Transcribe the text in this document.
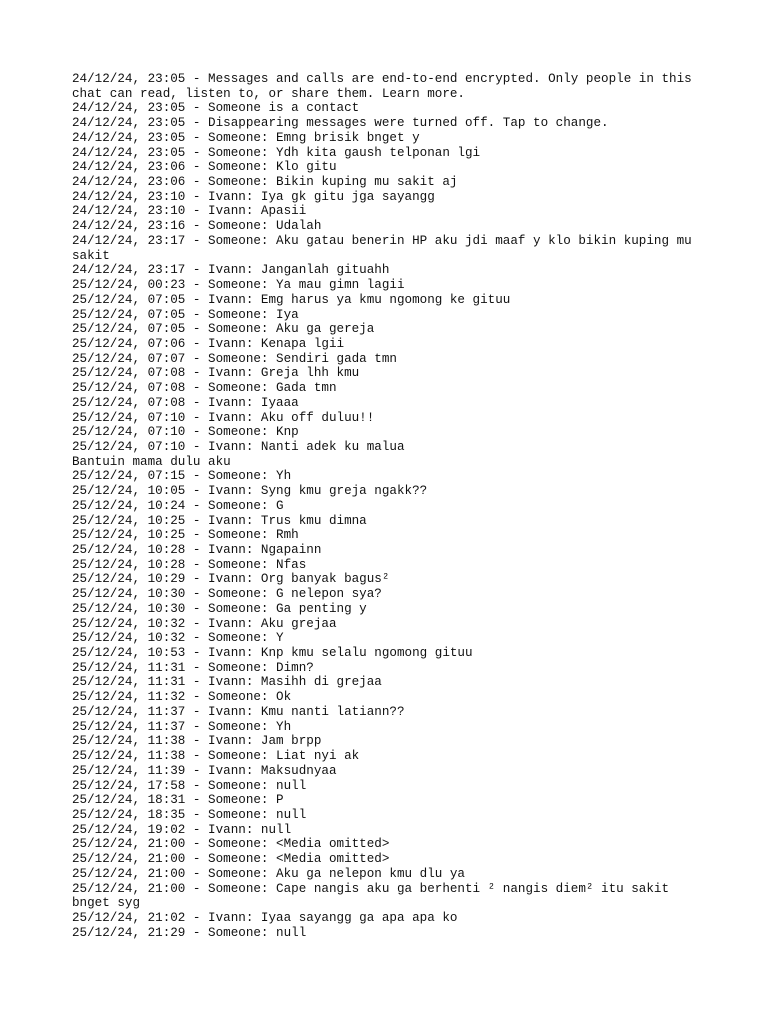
24/12/24, 23:05 - Messages and calls are end-to-end encrypted. Only people in this
chat can read, listen to, or share them. Learn more.
24/12/24, 23:05 - Someone is a contact
24/12/24, 23:05 - Disappearing messages were turned off. Tap to change.
24/12/24, 23:05 - Someone: Emng brisik bnget y
24/12/24, 23:05 - Someone: Ydh kita gaush telponan lgi
24/12/24, 23:06 - Someone: Klo gitu
24/12/24, 23:06 - Someone: Bikin kuping mu sakit aj
24/12/24, 23:10 - Ivann: Iya gk gitu jga sayangg
24/12/24, 23:10 - Ivann: Apasii
24/12/24, 23:16 - Someone: Udalah
24/12/24, 23:17 - Someone: Aku gatau benerin HP aku jdi maaf y klo bikin kuping mu
sakit
24/12/24, 23:17 - Ivann: Janganlah gituahh
25/12/24, 00:23 - Someone: Ya mau gimn lagii
25/12/24, 07:05 - Ivann: Emg harus ya kmu ngomong ke gituu
25/12/24, 07:05 - Someone: Iya
25/12/24, 07:05 - Someone: Aku ga gereja
25/12/24, 07:06 - Ivann: Kenapa lgii
25/12/24, 07:07 - Someone: Sendiri gada tmn
25/12/24, 07:08 - Ivann: Greja lhh kmu
25/12/24, 07:08 - Someone: Gada tmn
25/12/24, 07:08 - Ivann: Iyaaa
25/12/24, 07:10 - Ivann: Aku off duluu!!
25/12/24, 07:10 - Someone: Knp
25/12/24, 07:10 - Ivann: Nanti adek ku malua
Bantuin mama dulu aku
25/12/24, 07:15 - Someone: Yh
25/12/24, 10:05 - Ivann: Syng kmu greja ngakk??
25/12/24, 10:24 - Someone: G
25/12/24, 10:25 - Ivann: Trus kmu dimna
25/12/24, 10:25 - Someone: Rmh
25/12/24, 10:28 - Ivann: Ngapainn
25/12/24, 10:28 - Someone: Nfas
25/12/24, 10:29 - Ivann: Org banyak bagus²
25/12/24, 10:30 - Someone: G nelepon sya?
25/12/24, 10:30 - Someone: Ga penting y
25/12/24, 10:32 - Ivann: Aku grejaa
25/12/24, 10:32 - Someone: Y
25/12/24, 10:53 - Ivann: Knp kmu selalu ngomong gituu
25/12/24, 11:31 - Someone: Dimn?
25/12/24, 11:31 - Ivann: Masihh di grejaa
25/12/24, 11:32 - Someone: Ok
25/12/24, 11:37 - Ivann: Kmu nanti latiann??
25/12/24, 11:37 - Someone: Yh
25/12/24, 11:38 - Ivann: Jam brpp
25/12/24, 11:38 - Someone: Liat nyi ak
25/12/24, 11:39 - Ivann: Maksudnyaa
25/12/24, 17:58 - Someone: null
25/12/24, 18:31 - Someone: P
25/12/24, 18:35 - Someone: null
25/12/24, 19:02 - Ivann: null
25/12/24, 21:00 - Someone: <Media omitted>
25/12/24, 21:00 - Someone: <Media omitted>
25/12/24, 21:00 - Someone: Aku ga nelepon kmu dlu ya
25/12/24, 21:00 - Someone: Cape nangis aku ga berhenti ² nangis diem² itu sakit
bnget syg
25/12/24, 21:02 - Ivann: Iyaa sayangg ga apa apa ko
25/12/24, 21:29 - Someone: null
